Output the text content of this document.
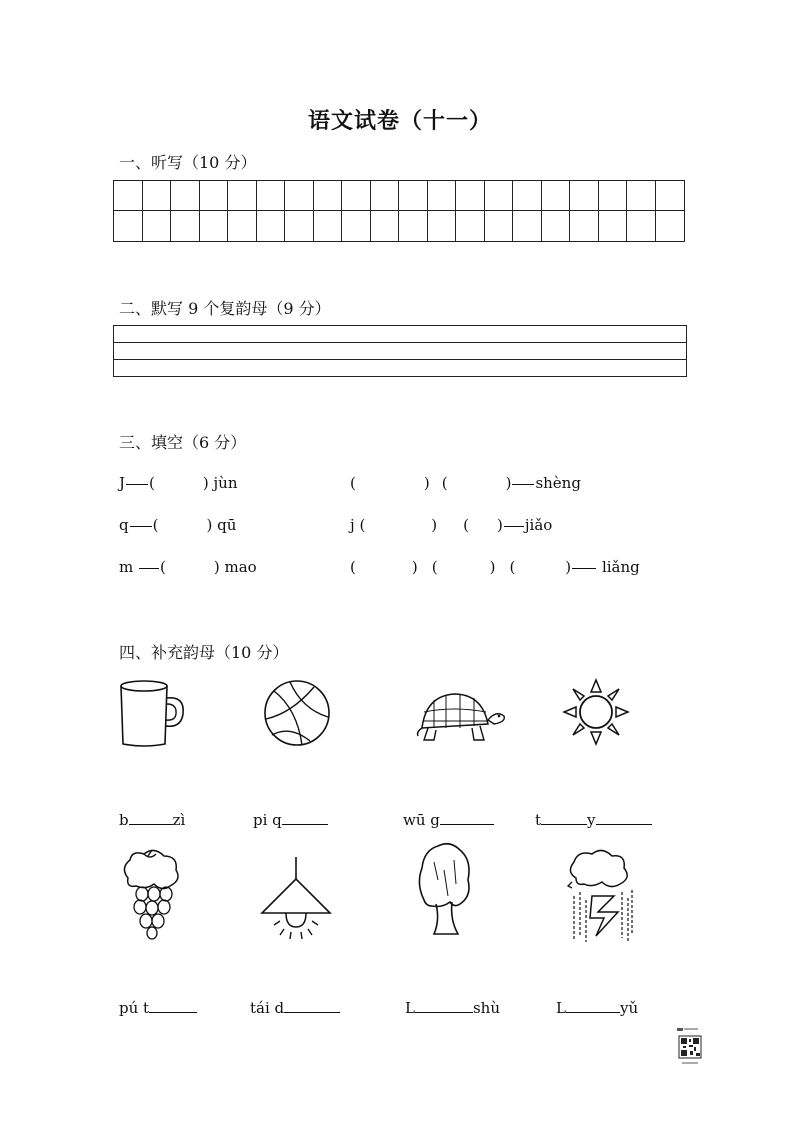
语文试卷（十一）
一、听写（10 分）
二、默写 9 个复韵母（9 分）
三、填空（6 分）
J (	) jùn	(	) (	) shèng
q (	) qū	j (	) ( ) jiǎo
m (	) mao	(	) (	) (	) liǎng
四、补充韵母（10 分）
b	zì	pi q	wū g	t	y
pú t	tái d	L	shù	L	yǔ
